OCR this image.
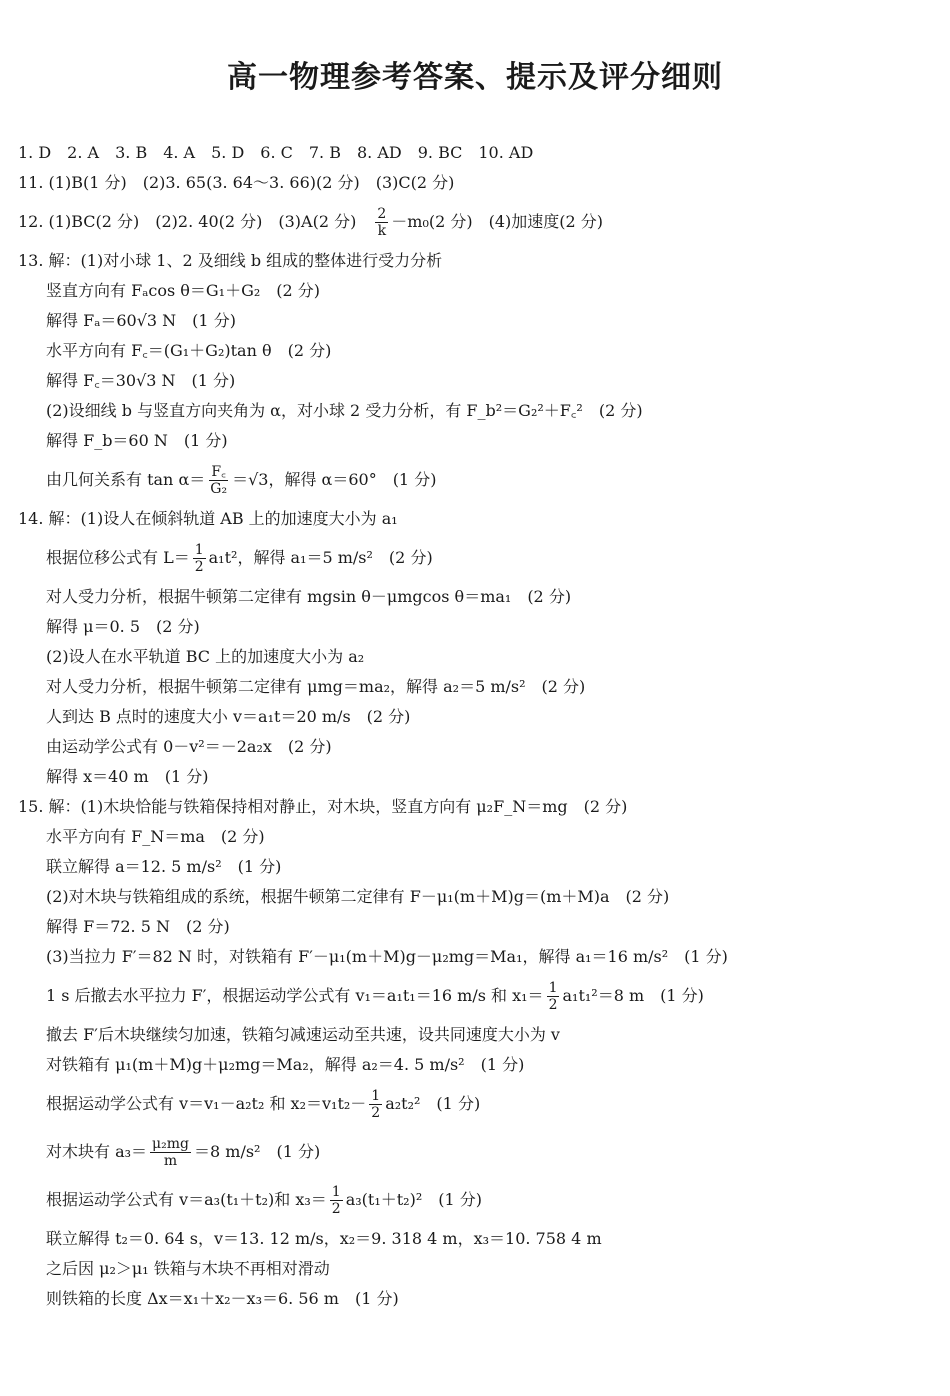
高一物理参考答案、提示及评分细则
1. D　2. A　3. B　4. A　5. D　6. C　7. B　8. AD　9. BC　10. AD
11. (1)B(1 分)　(2)3. 65(3. 64～3. 66)(2 分)　(3)C(2 分)
12. (1)BC(2 分)　(2)2. 40(2 分)　(3)A(2 分)　 $\frac{2}{k} -m_0(2$ 分)　(4)加速度(2 分)
13. 解：(1)对小球 1、2 及细线 b 组成的整体进行受力分析
竖直方向有 Fₐcos θ＝G₁＋G₂　(2 分)
解得 Fₐ＝60√3 N　(1 分)
水平方向有 F꜀＝(G₁＋G₂)tan θ　(2 分)
解得 F꜀＝30√3 N　(1 分)
(2)设细线 b 与竖直方向夹角为 α，对小球 2 受力分析，有 F_b²＝G₂²＋F꜀²　(2 分)
解得 F_b＝60 N　(1 分)
由几何关系有 $\tan \alpha= \frac{F꜀}{\text{G₂}} =√3$，解得 α＝60°　(1 分)
14. 解：(1)设人在倾斜轨道 AB 上的加速度大小为 a₁
根据位移公式有 $L= \frac{1}{2} a_1t^2$，解得 a₁＝5 m/s²　(2 分)
对人受力分析，根据牛顿第二定律有 mgsin θ－μmgcos θ＝ma₁　(2 分)
解得 μ＝0. 5　(2 分)
(2)设人在水平轨道 BC 上的加速度大小为 a₂
对人受力分析，根据牛顿第二定律有 μmg＝ma₂，解得 a₂＝5 m/s²　(2 分)
人到达 B 点时的速度大小 v＝a₁t＝20 m/s　(2 分)
由运动学公式有 0－v²＝－2a₂x　(2 分)
解得 x＝40 m　(1 分)
15. 解：(1)木块恰能与铁箱保持相对静止，对木块，竖直方向有 μ₂F_N＝mg　(2 分)
水平方向有 F_N＝ma　(2 分)
联立解得 a＝12. 5 m/s²　(1 分)
(2)对木块与铁箱组成的系统，根据牛顿第二定律有 F－μ₁(m＋M)g＝(m＋M)a　(2 分)
解得 F＝72. 5 N　(2 分)
(3)当拉力 F′＝82 N 时，对铁箱有 F′－μ₁(m＋M)g－μ₂mg＝Ma₁，解得 a₁＝16 m/s²　(1 分)
1 s 后撤去水平拉力 F′，根据运动学公式有 v₁＝a₁t₁＝16 m/s 和 $x_1= \frac{1}{2} a_1t_1^2=8$ m　(1 分)
撤去 F′后木块继续匀加速，铁箱匀减速运动至共速，设共同速度大小为 v
对铁箱有 μ₁(m＋M)g＋μ₂mg＝Ma₂，解得 a₂＝4. 5 m/s²　(1 分)
根据运动学公式有 v＝v₁－a₂t₂ 和 $x_2=v_1t_2- \frac{1}{2} a_2t_2^2$　(1 分)
对木块有 $a_3= \frac{\text{μ₂mg}}{m} =8$ m/s²　(1 分)
根据运动学公式有 v＝a₃(t₁＋t₂)和 $x_3= \frac{1}{2} a_3(t_1+t_2)^2$　(1 分)
联立解得 t₂＝0. 64 s，v＝13. 12 m/s，x₂＝9. 318 4 m，x₃＝10. 758 4 m
之后因 μ₂＞μ₁ 铁箱与木块不再相对滑动
则铁箱的长度 Δx＝x₁＋x₂－x₃＝6. 56 m　(1 分)
